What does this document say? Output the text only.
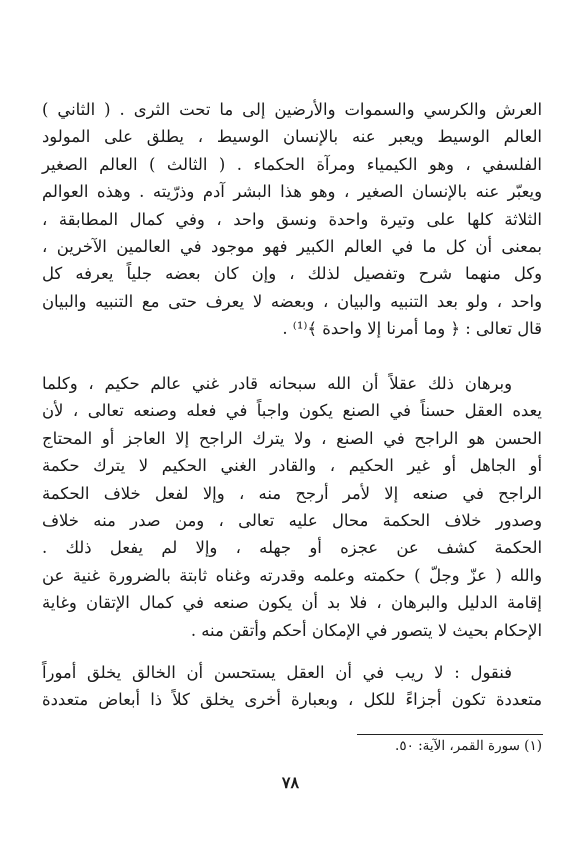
العرش والكرسي والسموات والأرضين إلى ما تحت الثرى . ( الثاني )
العالم الوسيط ويعبر عنه بالإنسان الوسيط ، يطلق على المولود
الفلسفي ، وهو الكيمياء ومرآة الحكماء . ( الثالث ) العالم الصغير
ويعبّر عنه بالإنسان الصغير ، وهو هذا البشر آدم وذرّيته . وهذه العوالم
الثلاثة كلها على وتيرة واحدة ونسق واحد ، وفي كمال المطابقة ،
بمعنى أن كل ما في العالم الكبير فهو موجود في العالمين الآخرين ،
وكل منهما شرح وتفصيل لذلك ، وإن كان بعضه جلياً يعرفه كل
واحد ، ولو بعد التنبيه والبيان ، وبعضه لا يعرف حتى مع التنبيه والبيان
قال تعالى : ﴿ وما أمرنا إلا واحدة ﴾⁽¹⁾ .
وبرهان ذلك عقلاً أن الله سبحانه قادر غني عالم حكيم ، وكلما
يعده العقل حسناً في الصنع يكون واجباً في فعله وصنعه تعالى ، لأن
الحسن هو الراجح في الصنع ، ولا يترك الراجح إلا العاجز أو المحتاج
أو الجاهل أو غير الحكيم ، والقادر الغني الحكيم لا يترك حكمة
الراجح في صنعه إلا لأمر أرجح منه ، وإلا لفعل خلاف الحكمة
وصدور خلاف الحكمة محال عليه تعالى ، ومن صدر منه خلاف
الحكمة كشف عن عجزه أو جهله ، وإلا لم يفعل ذلك .
والله ( عزّ وجلّ ) حكمته وعلمه وقدرته وغناه ثابتة بالضرورة غنية عن
إقامة الدليل والبرهان ، فلا بد أن يكون صنعه في كمال الإتقان وغاية
الإحكام بحيث لا يتصور في الإمكان أحكم وأتقن منه .
فنقول : لا ريب في أن العقل يستحسن أن الخالق يخلق أموراً
متعددة تكون أجزاءً للكل ، وبعبارة أخرى يخلق كلاً ذا أبعاض متعددة
(١) سورة القمر، الآية: ٥٠.
٧٨
